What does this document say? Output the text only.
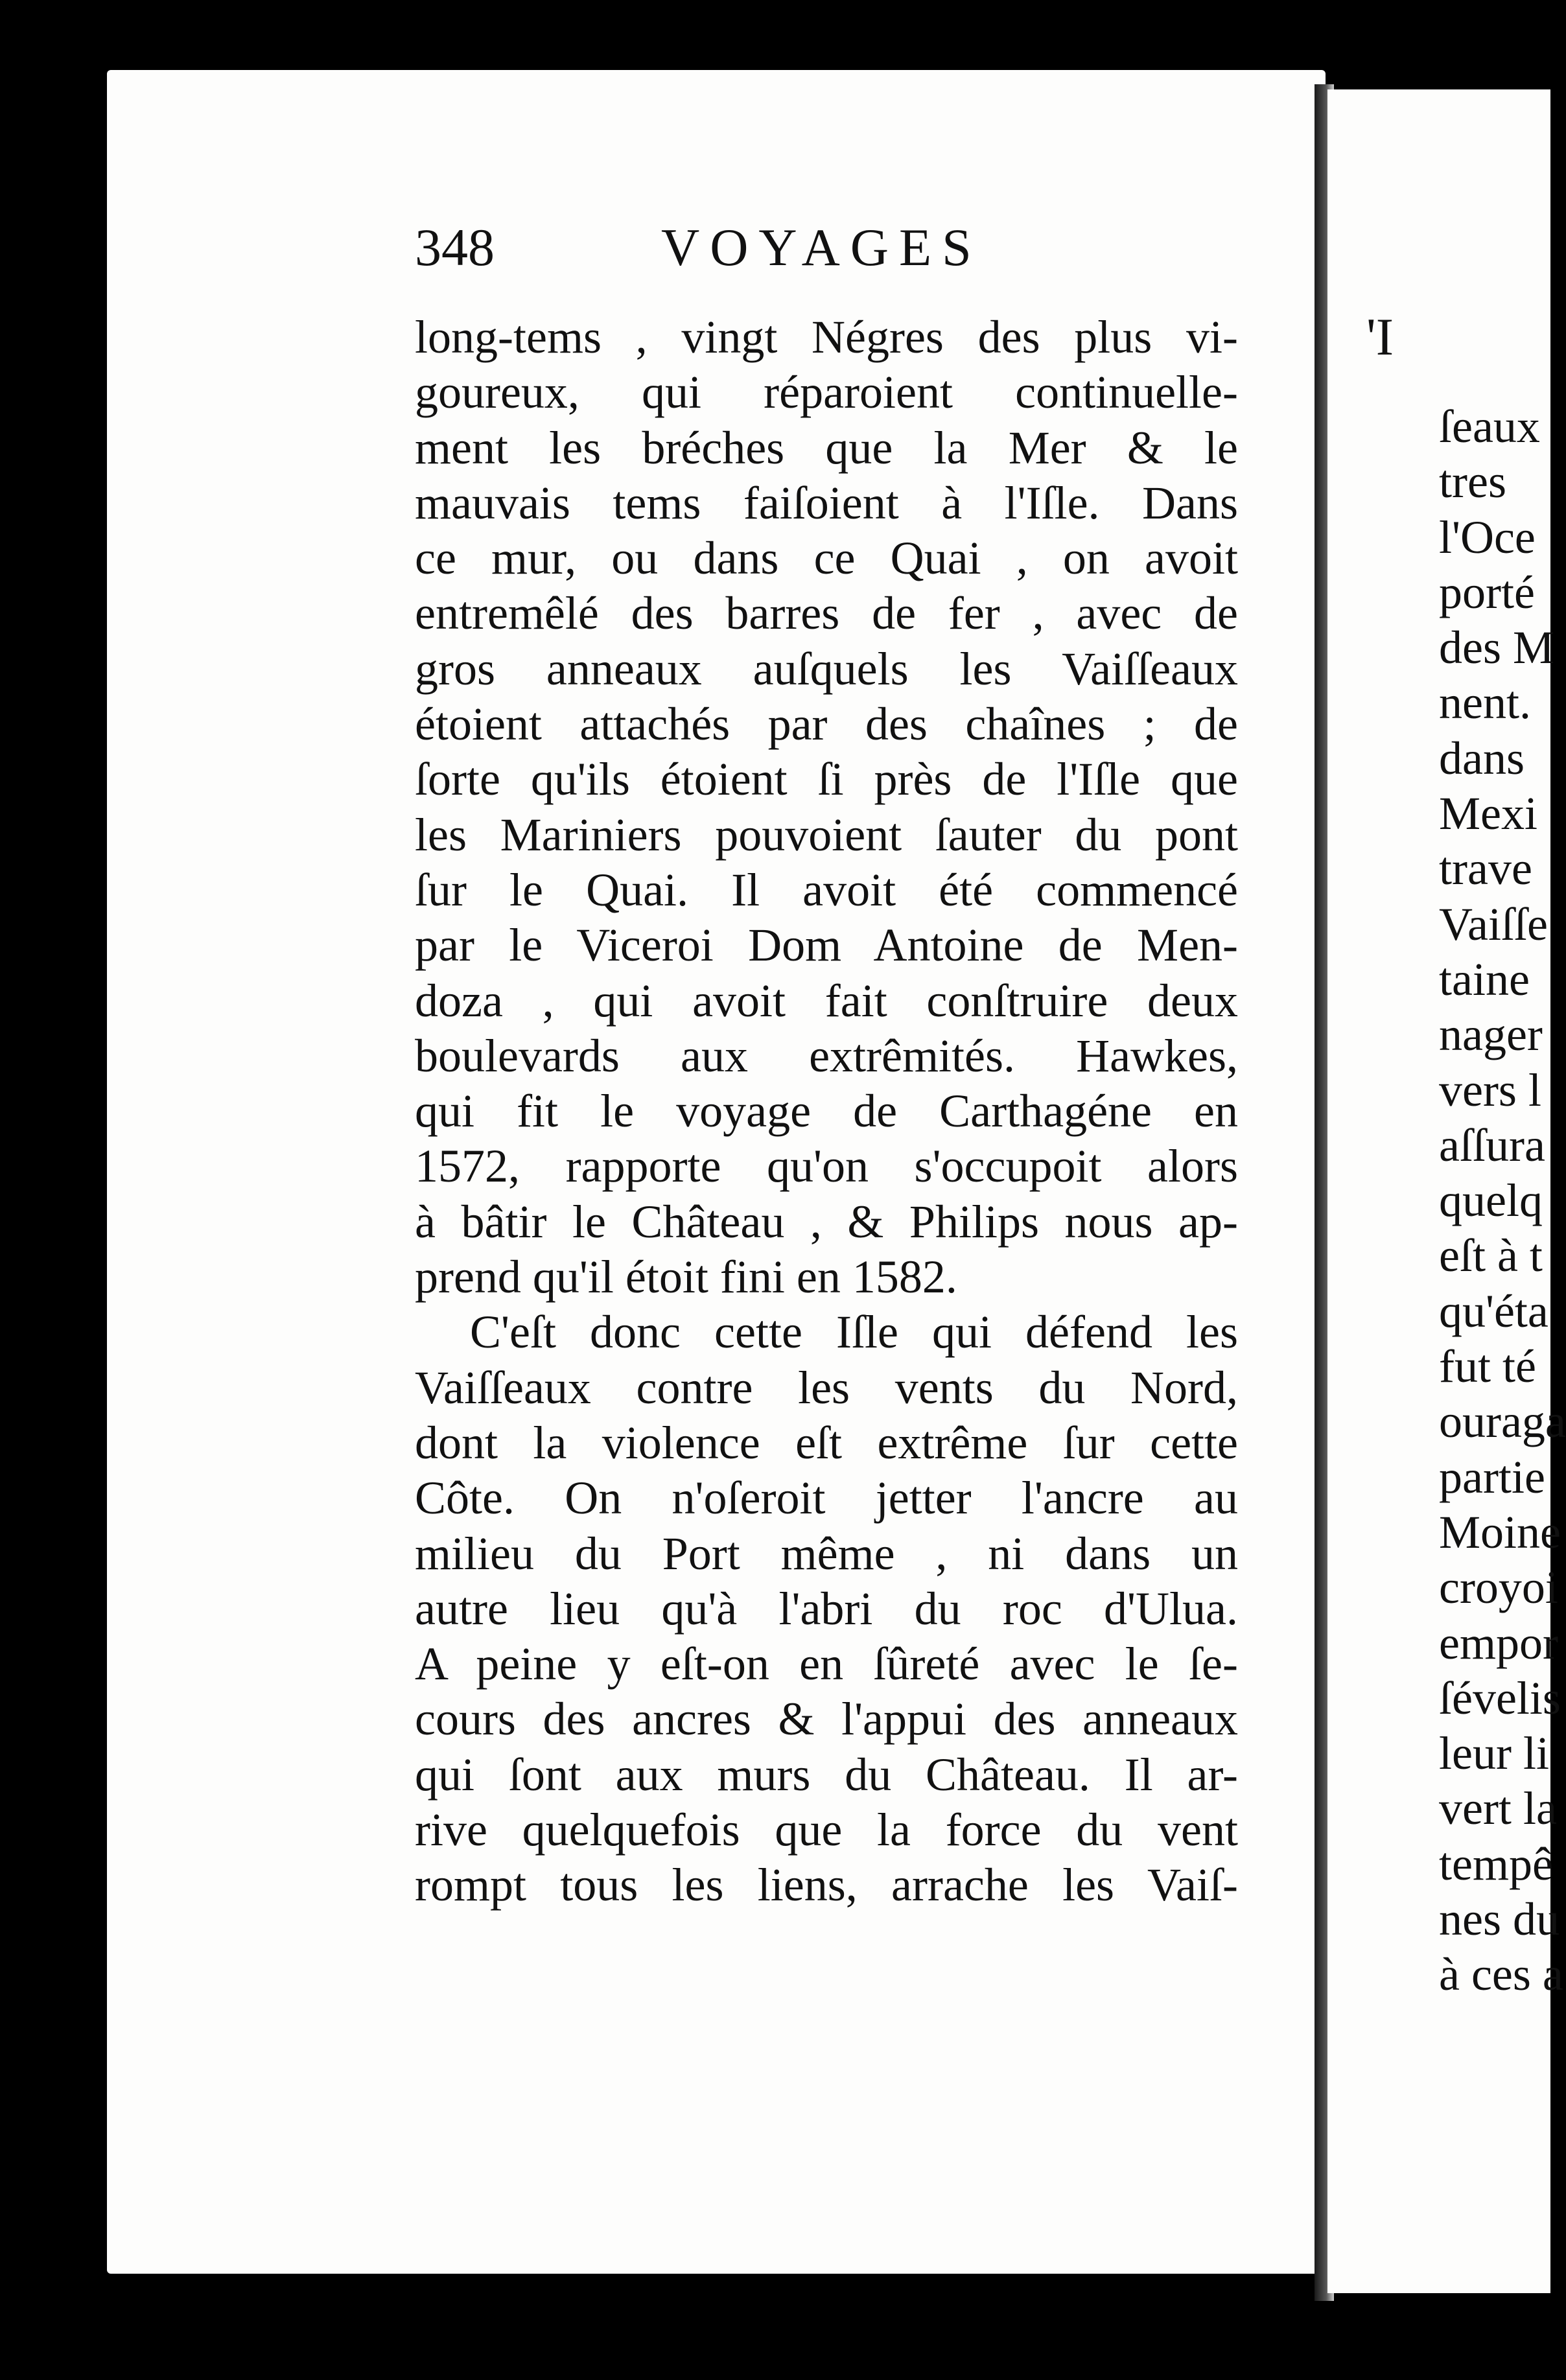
'I
ſeaux
tres
l'Oce
porté
des M
nent.
dans
Mexi
trave
Vaiſſe
taine
nager
vers l
aſſura
quelq
eſt à t
qu'éta
fut té
ouraga
partie
Moine
croyoi
empor
ſévelis
leur li
vert la
tempê
nes du
à ces a
348	VOYAGES
long-tems , vingt Négres des plus vi-
goureux, qui réparoient continuelle-
ment les bréches que la Mer & le
mauvais tems faiſoient à l'Iſle. Dans
ce mur, ou dans ce Quai , on avoit
entremêlé des barres de fer , avec de
gros anneaux auſquels les Vaiſſeaux
étoient attachés par des chaînes ; de
ſorte qu'ils étoient ſi près de l'Iſle que
les Mariniers pouvoient ſauter du pont
ſur le Quai. Il avoit été commencé
par le Viceroi Dom Antoine de Men-
doza , qui avoit fait conſtruire deux
boulevards aux extrêmités. Hawkes,
qui fit le voyage de Carthagéne en
1572, rapporte qu'on s'occupoit alors
à bâtir le Château , & Philips nous ap-
prend qu'il étoit fini en 1582.
C'eſt donc cette Iſle qui défend les
Vaiſſeaux contre les vents du Nord,
dont la violence eſt extrême ſur cette
Côte. On n'oſeroit jetter l'ancre au
milieu du Port même , ni dans un
autre lieu qu'à l'abri du roc d'Ulua.
A peine y eſt-on en ſûreté avec le ſe-
cours des ancres & l'appui des anneaux
qui ſont aux murs du Château. Il ar-
rive quelquefois que la force du vent
rompt tous les liens, arrache les Vaiſ-
